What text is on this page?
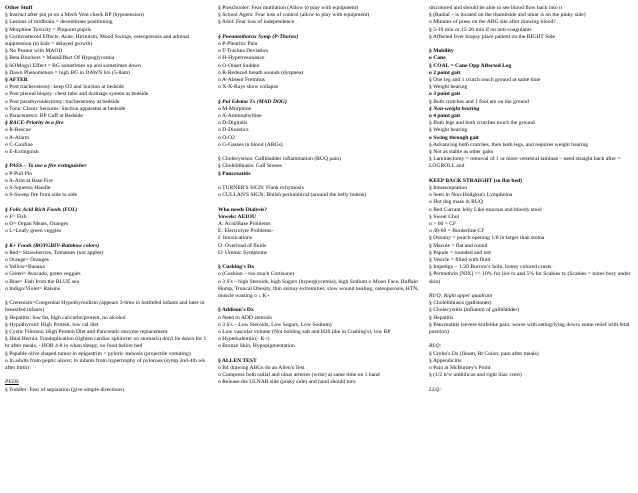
Other Stuff
§ Instruct after put pt on a Mech Vent check BP (hypotension)
§ Lesions of midbrain = decerebrate positioning
§ Morphine Toxicity = Pinpoint pupils
§ Corticosteroid Effects: Acne, Hirituism, Mood Swings, osteoporosis and adrenal suppression (in kids = delayed growth)
§ No Peanut with MAOI)
§ Beta Blockers = MaskEffect Of Hypoglycemia
§ SOMogyi Effect = BG sometimes up and sometimes down
§ Dawn Phenomenon = high BG in DAWN hrs (5-8am)
§ AFTER
o Post tracheostomy: keep O2 and Suction at bedside
o Post pleural biopsy: chest tube and drainage system at bedside
o Post parathyroidectomy: tracheostomy at bedside
o Tonic Clonic Seizures: Suction apparatus at bedside
o Paracentesis: BP Cuff at Bedside
§ RACE-Priority in a fire
o R-Rescue
o A-Alarm
o C-Confine
o E-Extinguish
§ PASS – To use a fire extinguisher
o P-Pull Pin
o A-Aim at Base Fire
o S-Squeeze Handle
o S-Sweep fire from side to side
§ Folic Acid Rich Foods (FOL)
o F= Fish
o O= Organ Meats, Oranges
o L=Leafy green veggies
§ K+ Foods (ROYGBIV-Rainbow colors)
o Red= Strawberries, Tomatoes (not apples)
o Orange= Oranges
o Yellow=Banana
o Green= Avocado, green veggies
o Blue= Fish from the BLUE sea
o Indigo/Violet= Raisins
§ Cretenism=Congenital Hypothyroidism (appears 3-6mo in bottlefed infants and later in breastfed infants)
§ Hepatitis: low fat, high cal/carbs/protein, no alcohol
§ Hypothyroid: High Protein, low cal diet
§ Cystic Fibrosis: High Protein Diet and Pancreatic enzyme replacement
§ Hital Hernia: Fundoplication (tighten cardiac sphincter on stomach) don't lie down for 1 hr after meals, - HOB 4-8 in when sleepy, no food before bed
§ Papable olive shaped tumor in epigastrim = pyloric stenosis (projectile vomiting)
o In adults from peptic ulcers; in infants from hypertrophy of pylorous (symp 2nd-4th wk after birth)
PEDS
§ Toddler: Fear of separation (give simple directions)
§ Preschooler: Fear mutilation (Allow to play with equipment)
§ School Agers: Fear loss of control (allow to play with equipment)
§ Adol: Fear loss of independence
§ Pneumothorax Symp (P-Thorax)
o P-Pleuritic Pain
o T-Trachea Deviation
o H-Hyperresonance
o O-Onset Sudden
o R-Reduced breath sounds (dyspnea)
o A-Absent Fremitus
o X-X-Rays show collapse
§ Pul Edema Tx (MAD DOG)
o M-Morphine
o A-Aminophylline
o D-Digitalis
o D-Diuretics
o O-O2
o G-Gasses in blood (ABGs)
§ Cholecystisis: Gallbladder inflammation (RUQ pain)
§ Cholelithiasis: Gall Stones
§ Pancreatitis
o TURNER'S SIGN: Flank echymosis
o CULLAN'S SIGN: Bluish periumbical (around the belly button)
Who needs Dialysis?
Vowels: AEIOU
A: Acid/Base Problems
E: Electrolyte Problems-
I: Intoxications
O: Overload of fluids
U: Uremic Symptoms
§ Cushing's Dx
o (Cushion – too much Cortisone)
o 3 S's – high Steroids, high Sugars (hyperglycemia), high Sodium o Moon Face, Buffalo Hump, Truncal Obesity, thin skinny extremities, slow wound healing, osteoporosis, HTN, muscle wasting o ↓ K+
§ Addison's Dx
o Need to ADD steroids
o 3 S's – Low Steroids, Low Sugars, Low Sodium)
o Low vascular volume (Not holding salt and H20 like in Cushing's), low BP
o Hyperkalemia (- K+)
o Bronze Skin, Hypopigmentation
§ ALLEN TEST
o B4 drawing ABGs do an Allen's Test
o Compress both radial and ulnar arteries (wrist) at same time on 1 hand
o Release the ULNAR side (pinky side) and hand should turn
discolored and should be able to see blood flow back into it
§ (Radial – is located on the thumbside and ulnar is on the pinky side)
o Minutes of press on the ABG site after drawing blood?
§ 5-10 min or 15-20 min if on anti-coagulants
§ Affected liver biopsy place patient on the RIGHT Side
§ Mobility
o Cane
§ COAL = Cane Opp Affected Leg
o 2 point gait
§ One leg and 1 crutch touch ground at same time
§ Weight bearing
o 3 point gait
§ Both crutches and 1 foot are on the ground
§ Non-weight bearing
o 4 point gait
§ Both legs and both crutches touch the ground
§ Weight bearing
o Swing through gait
§ Advancing both crutches, then both legs, and requires weight bearing
§ Not as stable as other gaits
§ Laminectomy = removal of 1 or more vertebral laminae – need straight back after = LOGROLL and
KEEP BACK STRAIGHT (so flat bed)
§ Intussceptation
o Seen in Non-Hodgkin's Lymphoma
o Hot dog mass in RUQ
o Red Currant Jelly Like mucous and bloody stool
§ Sweat Chol
o > 60 = CF
o 40-60 = Borderline CF
§ Ostomy = pouch opening 1/8 in larger than stoma
§ Macule = flat and round
§ Papule = rounded and red
§ Vesicle = filled with fluid
§ Impetigo – 1:20 Burrow's Soln, honey colored crusts
§ Permethrin [NIX] => 10% for lice tx and 5% for Scabies tx (Scabies = mites bury under skin)
RUQ: Right upper quadrant
§ Cholelithiasis (gallstones)
§ Cholecystitis (inflamm of gallbladder)
§ Hepatitis
§ Pancreatitis (severe knifelike pain; worse with eating/lying down; some relief with fetal position)
RLQ:
§ Crohn's Dx (Ileum, Rt Colon; pain after meals)
§ Appendicitis
o Pain at McBurney's Point
§ (1/2 b/w umbilicus and right iliac crest)
LLQ:
